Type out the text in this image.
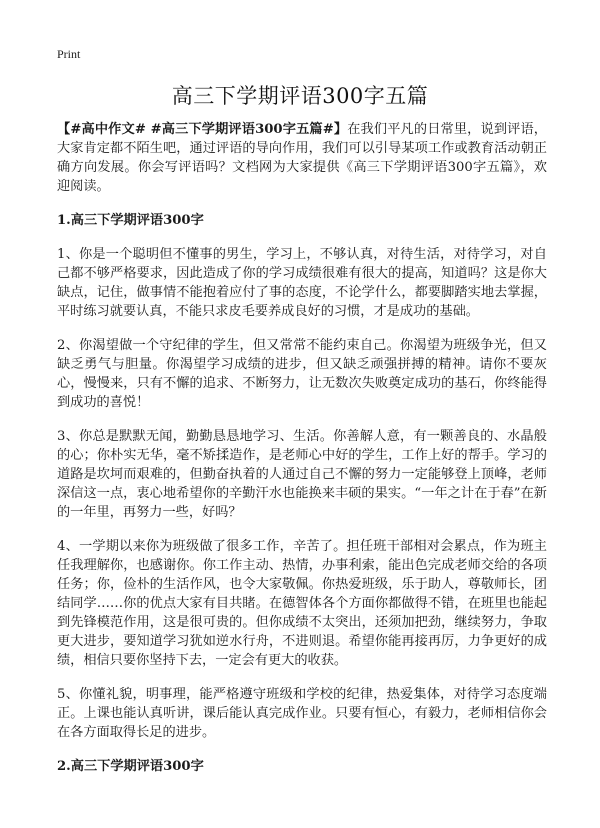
Print
高三下学期评语300字五篇

【#高中作文# #高三下学期评语300字五篇#】在我们平凡的日常里，说到评语，大家肯定都不陌生吧，通过评语的导向作用，我们可以引导某项工作或教育活动朝正确方向发展。你会写评语吗？文档网为大家提供《高三下学期评语300字五篇》，欢迎阅读。

1.高三下学期评语300字

1、你是一个聪明但不懂事的男生，学习上，不够认真，对待生活，对待学习，对自己都不够严格要求，因此造成了你的学习成绩很难有很大的提高，知道吗？这是你大缺点，记住，做事情不能抱着应付了事的态度，不论学什么，都要脚踏实地去掌握，平时练习就要认真，不能只求皮毛要养成良好的习惯，才是成功的基础。

2、你渴望做一个守纪律的学生，但又常常不能约束自己。你渴望为班级争光，但又缺乏勇气与胆量。你渴望学习成绩的进步，但又缺乏顽强拼搏的精神。请你不要灰心，慢慢来，只有不懈的追求、不断努力，让无数次失败奠定成功的基石，你终能得到成功的喜悦！

3、你总是默默无闻，勤勤恳恳地学习、生活。你善解人意，有一颗善良的、水晶般的心；你朴实无华，毫不矫揉造作，是老师心中好的学生，工作上好的帮手。学习的道路是坎坷而艰难的，但勤奋执着的人通过自己不懈的努力一定能够登上顶峰，老师深信这一点，衷心地希望你的辛勤汗水也能换来丰硕的果实。“一年之计在于春”在新的一年里，再努力一些，好吗？

4、一学期以来你为班级做了很多工作，辛苦了。担任班干部相对会累点，作为班主任我理解你，也感谢你。你工作主动、热情，办事利索，能出色完成老师交给的各项任务；你，俭朴的生活作风，也令大家敬佩。你热爱班级，乐于助人，尊敬师长，团结同学……你的优点大家有目共睹。在德智体各个方面你都做得不错，在班里也能起到先锋模范作用，这是很可贵的。但你成绩不太突出，还须加把劲，继续努力，争取更大进步，要知道学习犹如逆水行舟，不进则退。希望你能再接再厉，力争更好的成绩，相信只要你坚持下去，一定会有更大的收获。

5、你懂礼貌，明事理，能严格遵守班级和学校的纪律，热爱集体，对待学习态度端正。上课也能认真听讲，课后能认真完成作业。只要有恒心，有毅力，老师相信你会在各方面取得长足的进步。

2.高三下学期评语300字
